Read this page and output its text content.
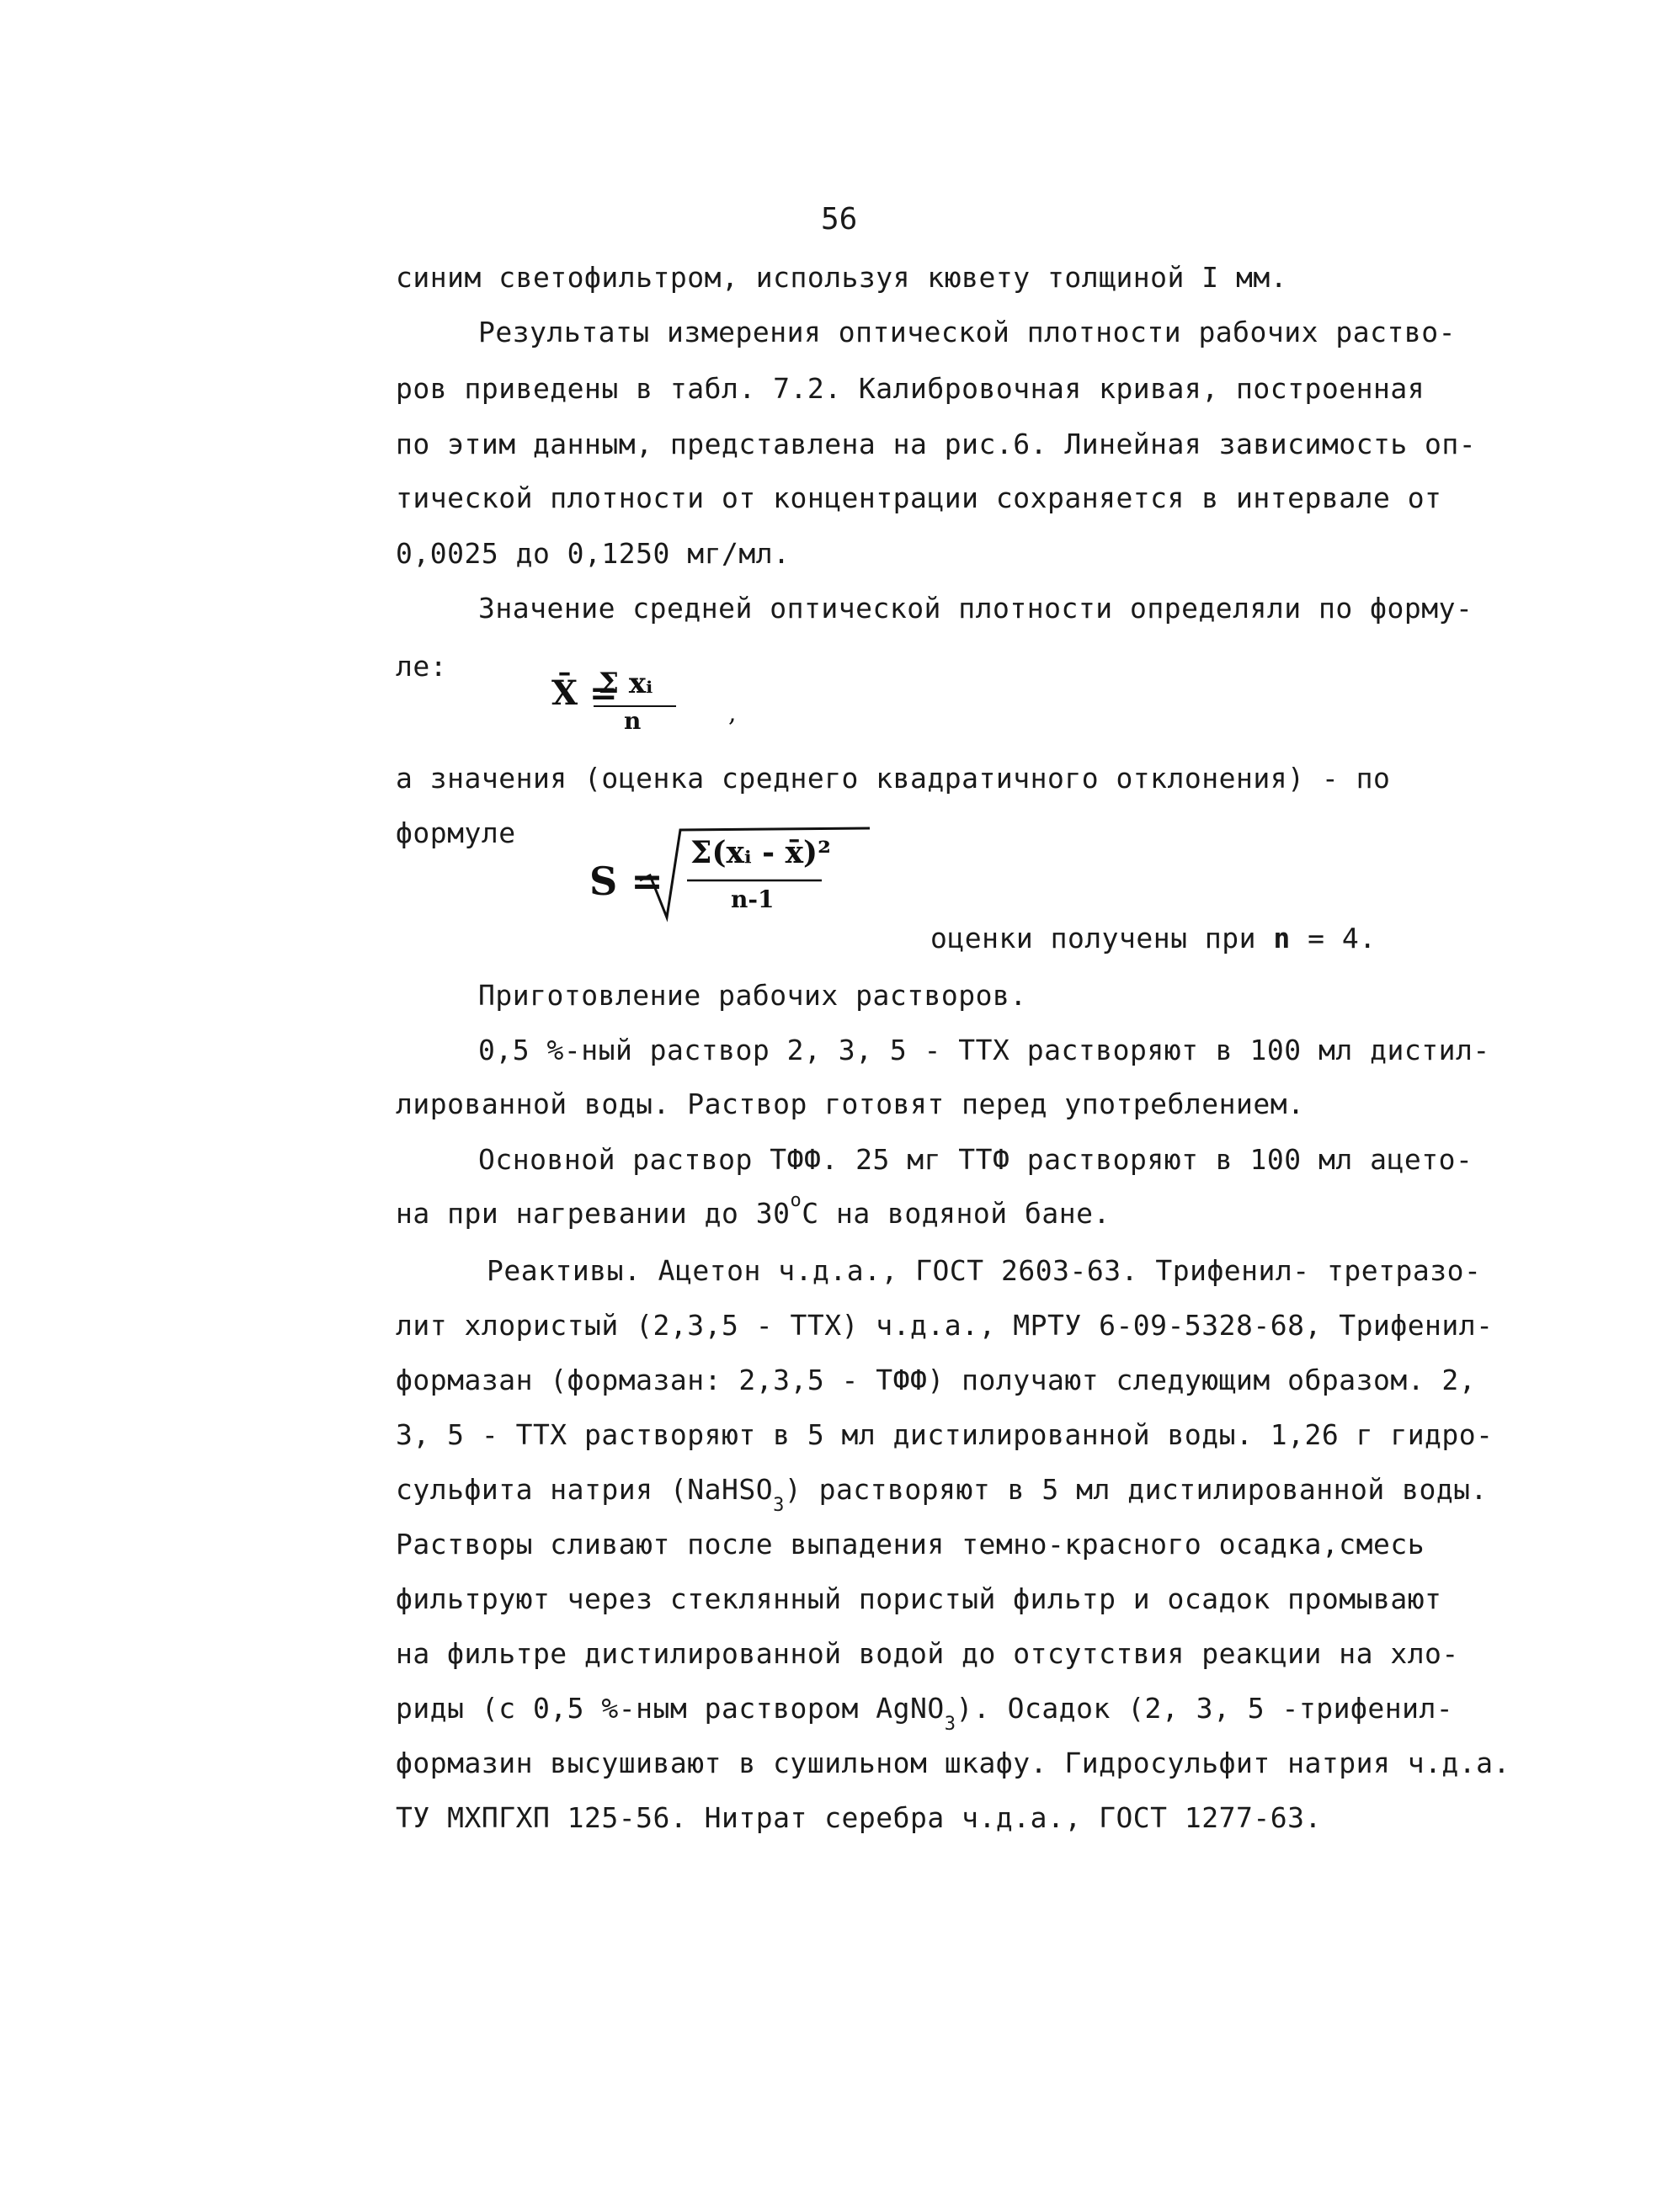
56
синим светофильтром, используя кювету толщиной I мм.
Результаты измерения оптической плотности рабочих раство-
ров приведены в табл. 7.2. Калибровочная кривая, построенная
по этим данным, представлена на рис.6. Линейная зависимость оп-
тической плотности от концентрации сохраняется в интервале от
0,0025 до 0,1250 мг/мл.
Значение средней оптической плотности определяли по форму-
ле:
X̄ =
Σ xᵢ
n	,
а значения (оценка среднего квадратичного отклонения) - по
формуле
S =
Σ(xᵢ - x̄)²
n-1
оценки получены при n = 4.
Приготовление рабочих растворов.
0,5 %-ный раствор 2, 3, 5 - ТТХ растворяют в 100 мл дистил-
лированной воды. Раствор готовят перед употреблением.
Основной раствор ТФФ. 25 мг ТТФ растворяют в 100 мл ацето-
на при нагревании до 30$^o$С на водяной бане.
Реактивы. Ацетон ч.д.а., ГОСТ 2603-63. Трифенил- третразо-
лит хлористый (2,3,5 - ТТХ) ч.д.а., МРТУ 6-09-5328-68, Трифенил-
формазан (формазан: 2,3,5 - ТФФ) получают следующим образом. 2,
3, 5 - ТТХ растворяют в 5 мл дистилированной воды. 1,26 г гидро-
сульфита натрия (NaHSO$_3$) растворяют в 5 мл дистилированной воды.
Растворы сливают после выпадения темно-красного осадка,смесь
фильтруют через стеклянный пористый фильтр и осадок промывают
на фильтре дистилированной водой до отсутствия реакции на хло-
риды (с 0,5 %-ным раствором AgNO$_3$). Осадок (2, 3, 5 -трифенил-
формазин высушивают в сушильном шкафу. Гидросульфит натрия ч.д.а.
ТУ МХПГХП 125-56. Нитрат серебра ч.д.а., ГОСТ 1277-63.
